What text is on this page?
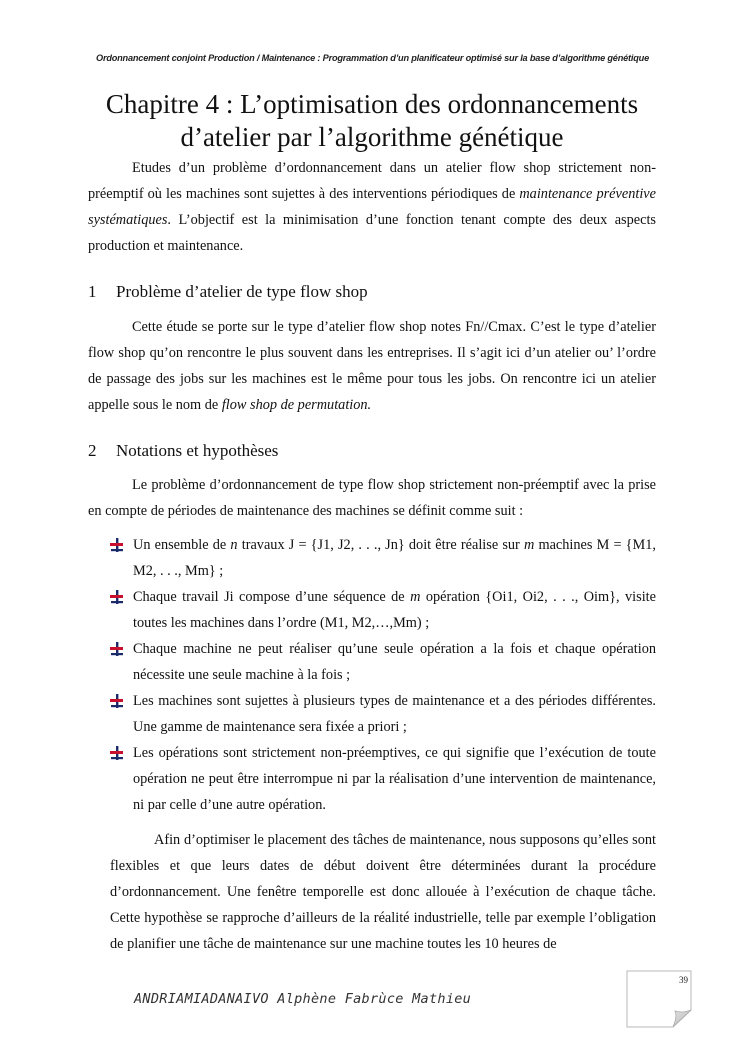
Ordonnancement conjoint Production / Maintenance : Programmation d’un planificateur optimisé sur la base d’algorithme génétique
Chapitre 4 : L’optimisation des ordonnancements
d’atelier par l’algorithme génétique

Etudes d’un problème d’ordonnancement dans un atelier flow shop strictement non-préemptif où les machines sont sujettes à des interventions périodiques de maintenance préventive systématiques. L’objectif est la minimisation d’une fonction tenant compte des deux aspects production et maintenance.

1 Problème d’atelier de type flow shop

Cette étude se porte sur le type d’atelier flow shop notes Fn//Cmax. C’est le type d’atelier flow shop qu’on rencontre le plus souvent dans les entreprises. Il s’agit ici d’un atelier ou’ l’ordre de passage des jobs sur les machines est le même pour tous les jobs. On rencontre ici un atelier appelle sous le nom de flow shop de permutation.

2 Notations et hypothèses

Le problème d’ordonnancement de type flow shop strictement non-préemptif avec la prise en compte de périodes de maintenance des machines se définit comme suit :

Un ensemble de n travaux J = {J1, J2, . . ., Jn} doit être réalise sur m machines M = {M1, M2, . . ., Mm} ;
Chaque travail Ji compose d’une séquence de m opération {Oi1, Oi2, . . ., Oim}, visite toutes les machines dans l’ordre (M1, M2,…,Mm) ;
Chaque machine ne peut réaliser qu’une seule opération a la fois et chaque opération nécessite une seule machine à la fois ;
Les machines sont sujettes à plusieurs types de maintenance et a des périodes différentes. Une gamme de maintenance sera fixée a priori ;
Les opérations sont strictement non-préemptives, ce qui signifie que l’exécution de toute opération ne peut être interrompue ni par la réalisation d’une intervention de maintenance, ni par celle d’une autre opération.

Afin d’optimiser le placement des tâches de maintenance, nous supposons qu’elles sont flexibles et que leurs dates de début doivent être déterminées durant la procédure d’ordonnancement. Une fenêtre temporelle est donc allouée à l’exécution de chaque tâche. Cette hypothèse se rapproche d’ailleurs de la réalité industrielle, telle par exemple l’obligation de planifier une tâche de maintenance sur une machine toutes les 10 heures de

39
ANDRIAMIADANAIVO Alphène Fabrùce Mathieu
